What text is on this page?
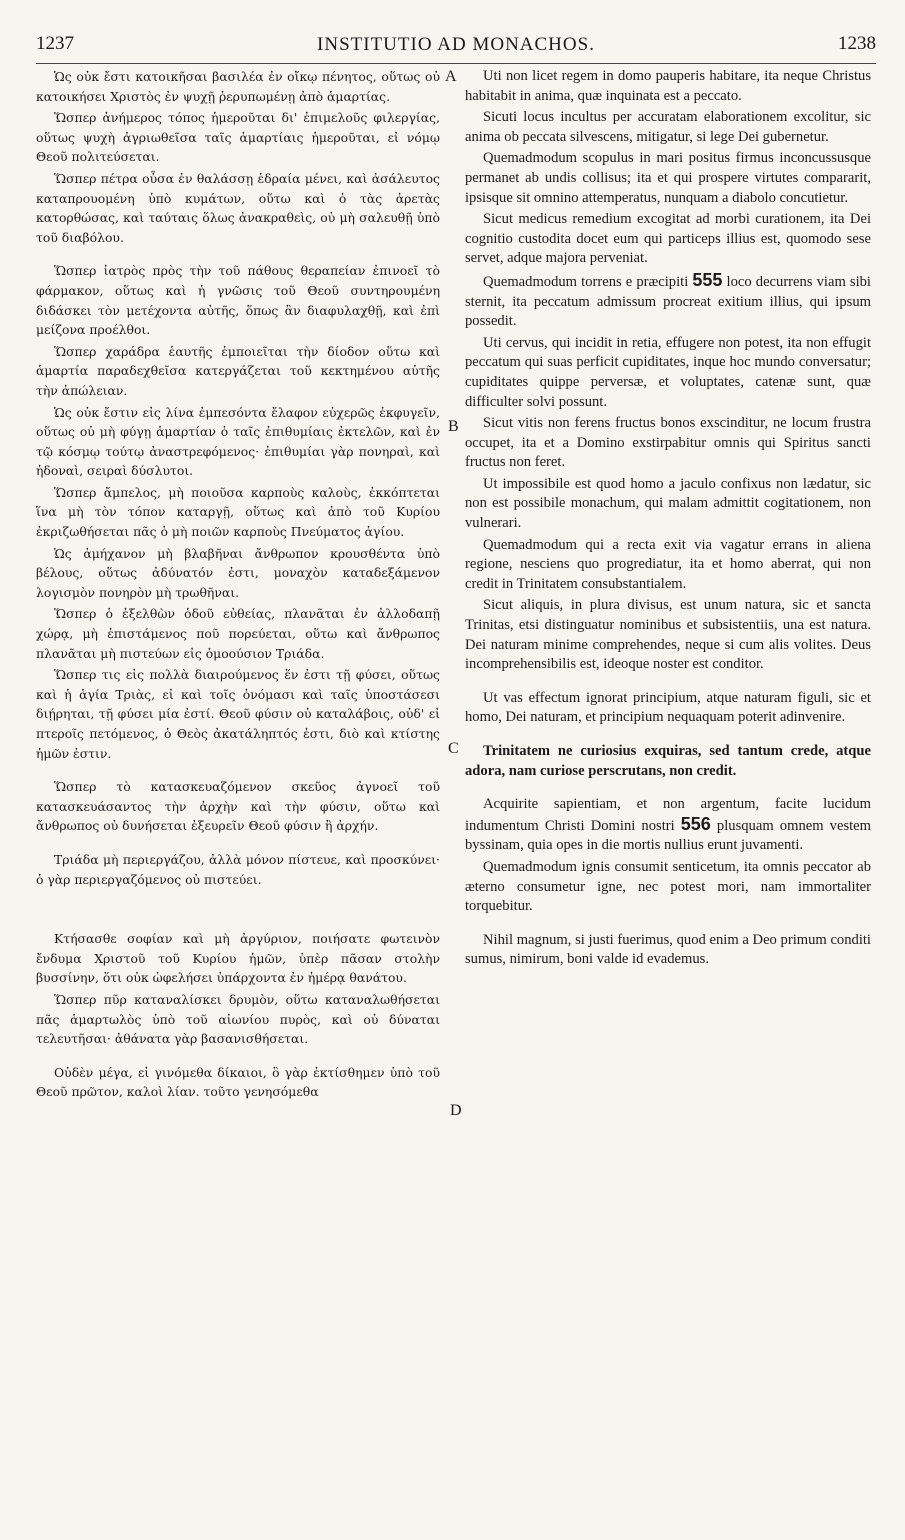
1237	INSTITUTIO AD MONACHOS.	1238

Ὡς οὐκ ἔστι κατοικῆσαι βασιλέα ἐν οἴκῳ πένητος, οὕτως οὐ κατοικήσει Χριστὸς ἐν ψυχῇ ῥερυπωμένῃ ἀπὸ ἁμαρτίας.

Ὥσπερ ἀνήμερος τόπος ἡμεροῦται δι' ἐπιμελοῦς φιλεργίας, οὕτως ψυχὴ ἀγριωθεῖσα ταῖς ἁμαρτίαις ἡμεροῦται, εἰ νόμῳ Θεοῦ πολιτεύσεται.

Ὥσπερ πέτρα οὖσα ἐν θαλάσσῃ ἑδραία μένει, καὶ ἀσάλευτος καταπρουομένη ὑπὸ κυμάτων, οὕτω καὶ ὁ τὰς ἀρετὰς κατορθώσας, καὶ ταύταις ὅλως ἀνακραθεὶς, οὐ μὴ σαλευθῇ ὑπὸ τοῦ διαβόλου.

Ὥσπερ ἰατρὸς πρὸς τὴν τοῦ πάθους θεραπείαν ἐπινοεῖ τὸ φάρμακον, οὕτως καὶ ἡ γνῶσις τοῦ Θεοῦ συντηρουμένη διδάσκει τὸν μετέχοντα αὐτῆς, ὅπως ἂν διαφυλαχθῇ, καὶ ἐπὶ μείζονα προέλθοι.

Ὥσπερ χαράδρα ἑαυτῆς ἐμποιεῖται τὴν δίοδον οὕτω καὶ ἁμαρτία παραδεχθεῖσα κατεργάζεται τοῦ κεκτημένου αὐτῆς τὴν ἀπώλειαν.

Ὡς οὐκ ἔστιν εἰς λίνα ἐμπεσόντα ἔλαφον εὐχερῶς ἐκφυγεῖν, οὕτως οὐ μὴ φύγῃ ἁμαρτίαν ὁ ταῖς ἐπιθυμίαις ἐκτελῶν, καὶ ἐν τῷ κόσμῳ τούτῳ ἀναστρεφόμενος· ἐπιθυμίαι γὰρ πονηραὶ, καὶ ἡδοναὶ, σειραὶ δύσλυτοι.

Ὥσπερ ἄμπελος, μὴ ποιοῦσα καρποὺς καλοὺς, ἐκκόπτεται ἵνα μὴ τὸν τόπον καταργῇ, οὕτως καὶ ἀπὸ τοῦ Κυρίου ἐκριζωθήσεται πᾶς ὁ μὴ ποιῶν καρποὺς Πνεύματος ἁγίου.

Ὡς ἀμήχανον μὴ βλαβῆναι ἄνθρωπον κρουσθέντα ὑπὸ βέλους, οὕτως ἀδύνατόν ἐστι, μοναχὸν καταδεξάμενον λογισμὸν πονηρὸν μὴ τρωθῆναι.

Ὥσπερ ὁ ἐξελθὼν ὁδοῦ εὐθείας, πλανᾶται ἐν ἀλλοδαπῇ χώρᾳ, μὴ ἐπιστάμενος ποῦ πορεύεται, οὕτω καὶ ἄνθρωπος πλανᾶται μὴ πιστεύων εἰς ὁμοούσιον Τριάδα.

Ὥσπερ τις εἰς πολλὰ διαιρούμενος ἕν ἐστι τῇ φύσει, οὕτως καὶ ἡ ἁγία Τριὰς, εἰ καὶ τοῖς ὀνόμασι καὶ ταῖς ὑποστάσεσι διῄρηται, τῇ φύσει μία ἐστί. Θεοῦ φύσιν οὐ καταλάβοις, οὐδ' εἰ πτεροῖς πετόμενος, ὁ Θεὸς ἀκατάληπτός ἐστι, διὸ καὶ κτίστης ἡμῶν ἐστιν.

Ὥσπερ τὸ κατασκευαζόμενον σκεῦος ἀγνοεῖ τοῦ κατασκευάσαντος τὴν ἀρχὴν καὶ τὴν φύσιν, οὕτω καὶ ἄνθρωπος οὐ δυνήσεται ἐξευρεῖν Θεοῦ φύσιν ἢ ἀρχήν.

Τριάδα μὴ περιεργάζου, ἀλλὰ μόνον πίστευε, καὶ προσκύνει· ὁ γὰρ περιεργαζόμενος οὐ πιστεύει.

Κτήσασθε σοφίαν καὶ μὴ ἀργύριον, ποιήσατε φωτεινὸν ἔνδυμα Χριστοῦ τοῦ Κυρίου ἡμῶν, ὑπὲρ πᾶσαν στολὴν βυσσίνην, ὅτι οὐκ ὠφελήσει ὑπάρχοντα ἐν ἡμέρᾳ θανάτου.

Ὥσπερ πῦρ καταναλίσκει δρυμὸν, οὕτω καταναλωθήσεται πᾶς ἁμαρτωλὸς ὑπὸ τοῦ αἰωνίου πυρὸς, καὶ οὐ δύναται τελευτῆσαι· ἀθάνατα γὰρ βασανισθήσεται.

Οὐδὲν μέγα, εἰ γινόμεθα δίκαιοι, ὃ γὰρ ἐκτίσθημεν ὑπὸ τοῦ Θεοῦ πρῶτον, καλοὶ λίαν. τοῦτο γενησόμεθα

Uti non licet regem in domo pauperis habitare, ita neque Christus habitabit in anima, quæ inquinata est a peccato.

Sicuti locus incultus per accuratam elaborationem excolitur, sic anima ob peccata silvescens, mitigatur, si lege Dei gubernetur.

Quemadmodum scopulus in mari positus firmus inconcussusque permanet ab undis collisus; ita et qui prospere virtutes compararit, ipsisque sit omnino attemperatus, nunquam a diabolo concutietur.

Sicut medicus remedium excogitat ad morbi curationem, ita Dei cognitio custodita docet eum qui particeps illius est, quomodo sese servet, adque majora perveniat.

Quemadmodum torrens e præcipiti 555 loco decurrens viam sibi sternit, ita peccatum admissum procreat exitium illius, qui ipsum possedit.

Uti cervus, qui incidit in retia, effugere non potest, ita non effugit peccatum qui suas perficit cupiditates, inque hoc mundo conversatur; cupiditates quippe perversæ, et voluptates, catenæ sunt, quæ difficulter solvi possunt.

Sicut vitis non ferens fructus bonos exscinditur, ne locum frustra occupet, ita et a Domino exstirpabitur omnis qui Spiritus sancti fructus non feret.

Ut impossibile est quod homo a jaculo confixus non lædatur, sic non est possibile monachum, qui malam admittit cogitationem, non vulnerari.

Quemadmodum qui a recta exit via vagatur errans in aliena regione, nesciens quo progrediatur, ita et homo aberrat, qui non credit in Trinitatem consubstantialem.

Sicut aliquis, in plura divisus, est unum natura, sic et sancta Trinitas, etsi distinguatur nominibus et subsistentiis, una est natura. Dei naturam minime comprehendes, neque si cum alis volites. Deus incomprehensibilis est, ideoque noster est conditor.

Ut vas effectum ignorat principium, atque naturam figuli, sic et homo, Dei naturam, et principium nequaquam poterit adinvenire.

Trinitatem ne curiosius exquiras, sed tantum crede, atque adora, nam curiose perscrutans, non credit.

Acquirite sapientiam, et non argentum, facite lucidum indumentum Christi Domini nostri 556 plusquam omnem vestem byssinam, quia opes in die mortis nullius erunt juvamenti.

Quemadmodum ignis consumit senticetum, ita omnis peccator ab æterno consumetur igne, nec potest mori, nam immortaliter torquebitur.

Nihil magnum, si justi fuerimus, quod enim a Deo primum conditi sumus, nimirum, boni valde id evademus.

A
B
C
D
